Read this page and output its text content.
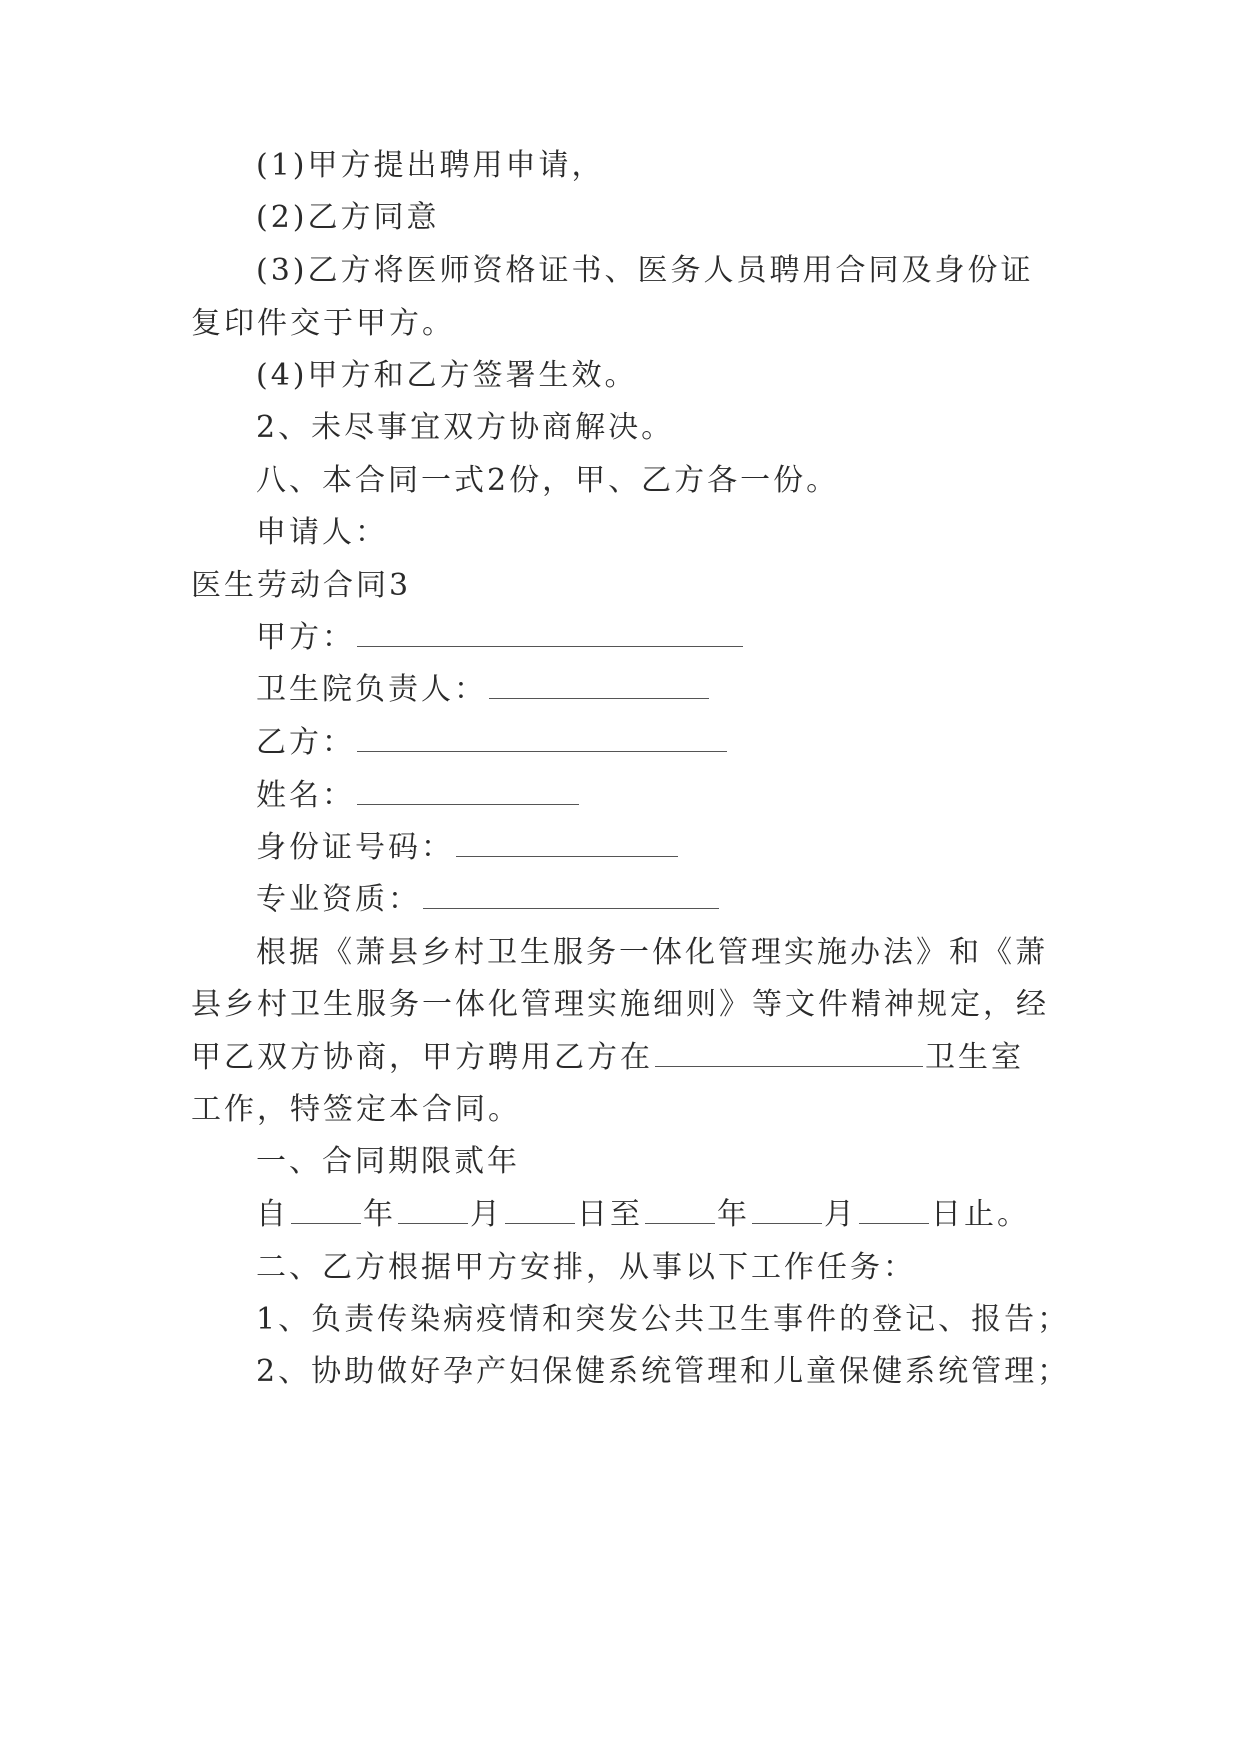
(1)甲方提出聘用申请，
(2)乙方同意
(3)乙方将医师资格证书、医务人员聘用合同及身份证
复印件交于甲方。
(4)甲方和乙方签署生效。
2、未尽事宜双方协商解决。
八、本合同一式2份，甲、乙方各一份。
申请人：
医生劳动合同3
甲方：
卫生院负责人：
乙方：
姓名：
身份证号码：
专业资质：
根据《萧县乡村卫生服务一体化管理实施办法》和《萧
县乡村卫生服务一体化管理实施细则》等文件精神规定，经
甲乙双方协商，甲方聘用乙方在	卫生室
工作，特签定本合同。
一、合同期限贰年
自 年 月 日至 年 月 日止。
二、乙方根据甲方安排，从事以下工作任务：
1、负责传染病疫情和突发公共卫生事件的登记、报告；
2、协助做好孕产妇保健系统管理和儿童保健系统管理；
